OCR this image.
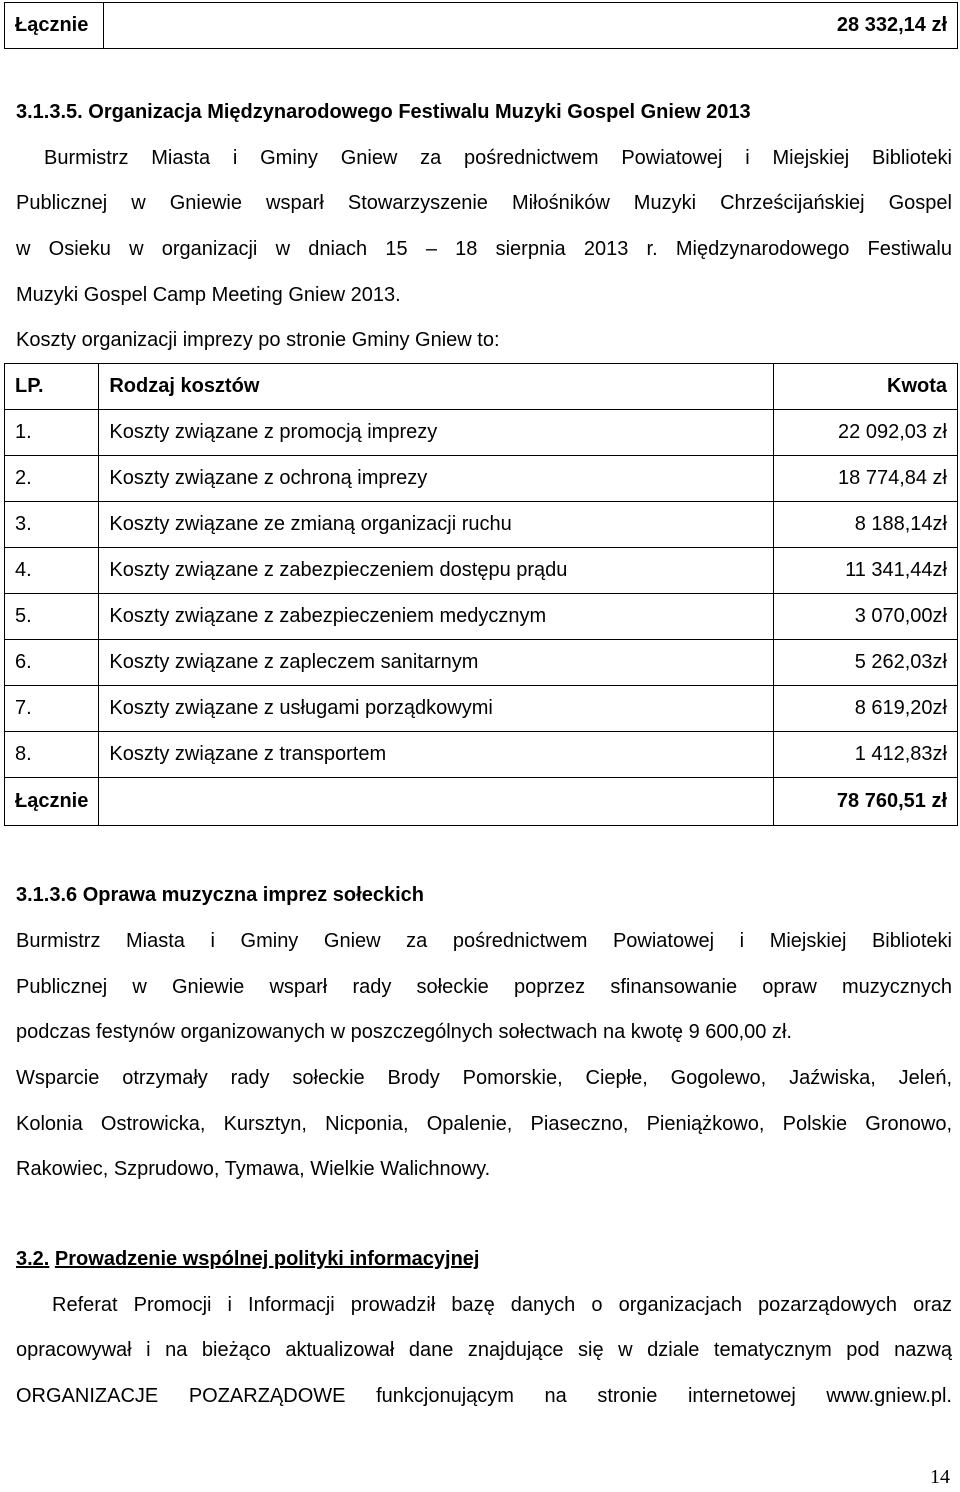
Łącznie	28 332,14 zł
3.1.3.5. Organizacja Międzynarodowego Festiwalu Muzyki Gospel Gniew 2013
Burmistrz Miasta i Gminy Gniew za pośrednictwem Powiatowej i Miejskiej Biblioteki
Publicznej w Gniewie wsparł Stowarzyszenie Miłośników Muzyki Chrześcijańskiej Gospel
w Osieku w organizacji w dniach 15 – 18 sierpnia 2013 r. Międzynarodowego Festiwalu
Muzyki Gospel Camp Meeting Gniew 2013.
Koszty organizacji imprezy po stronie Gminy Gniew to:
LP.	Rodzaj kosztów	Kwota
1.	Koszty związane z promocją imprezy	22 092,03 zł
2.	Koszty związane z ochroną imprezy	18 774,84 zł
3.	Koszty związane ze zmianą organizacji ruchu	8 188,14zł
4.	Koszty związane z zabezpieczeniem dostępu prądu	11 341,44zł
5.	Koszty związane z zabezpieczeniem medycznym	3 070,00zł
6.	Koszty związane z zapleczem sanitarnym	5 262,03zł
7.	Koszty związane z usługami porządkowymi	8 619,20zł
8.	Koszty związane z transportem	1 412,83zł
Łącznie		78 760,51 zł
3.1.3.6 Oprawa muzyczna imprez sołeckich
Burmistrz Miasta i Gminy Gniew za pośrednictwem Powiatowej i Miejskiej Biblioteki
Publicznej w Gniewie wsparł rady sołeckie poprzez sfinansowanie opraw muzycznych
podczas festynów organizowanych w poszczególnych sołectwach na kwotę 9 600,00 zł.
Wsparcie otrzymały rady sołeckie Brody Pomorskie, Ciepłe, Gogolewo, Jaźwiska, Jeleń,
Kolonia Ostrowicka, Kursztyn, Nicponia, Opalenie, Piaseczno, Pieniążkowo, Polskie Gronowo,
Rakowiec, Szprudowo, Tymawa, Wielkie Walichnowy.
3.2. Prowadzenie wspólnej polityki informacyjnej
Referat Promocji i Informacji prowadził bazę danych o organizacjach pozarządowych oraz
opracowywał i na bieżąco aktualizował dane znajdujące się w dziale tematycznym pod nazwą
ORGANIZACJE POZARZĄDOWE funkcjonującym na stronie internetowej www.gniew.pl.
14
